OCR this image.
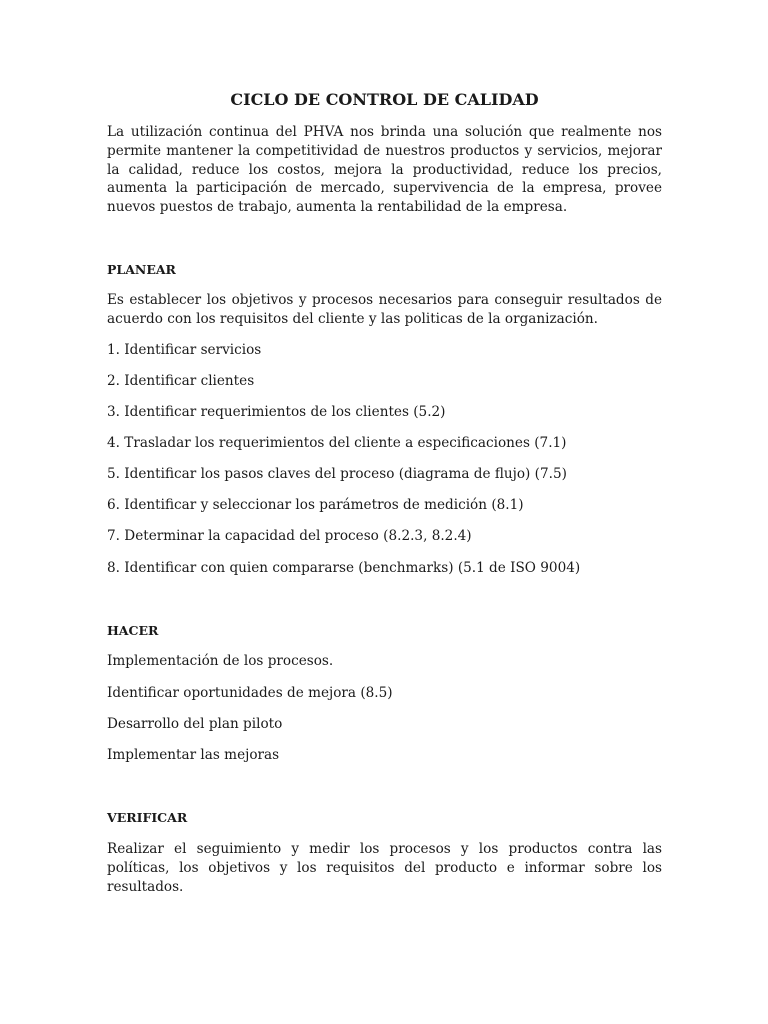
CICLO DE CONTROL DE CALIDAD

La utilización continua del PHVA nos brinda una solución que realmente nos permite mantener la competitividad de nuestros productos y servicios, mejorar la calidad, reduce los costos, mejora la productividad, reduce los precios, aumenta la participación de mercado, supervivencia de la empresa, provee nuevos puestos de trabajo, aumenta la rentabilidad de la empresa.

PLANEAR

Es establecer los objetivos y procesos necesarios para conseguir resultados de acuerdo con los requisitos del cliente y las politicas de la organización.

1. Identificar servicios

2. Identificar clientes

3. Identificar requerimientos de los clientes (5.2)

4. Trasladar los requerimientos del cliente a especificaciones (7.1)

5. Identificar los pasos claves del proceso (diagrama de flujo) (7.5)

6. Identificar y seleccionar los parámetros de medición (8.1)

7. Determinar la capacidad del proceso (8.2.3, 8.2.4)

8. Identificar con quien compararse (benchmarks) (5.1 de ISO 9004)

HACER

Implementación de los procesos.

Identificar oportunidades de mejora (8.5)

Desarrollo del plan piloto

Implementar las mejoras

VERIFICAR

Realizar el seguimiento y medir los procesos y los productos contra las políticas, los objetivos y los requisitos del producto e informar sobre los resultados.
